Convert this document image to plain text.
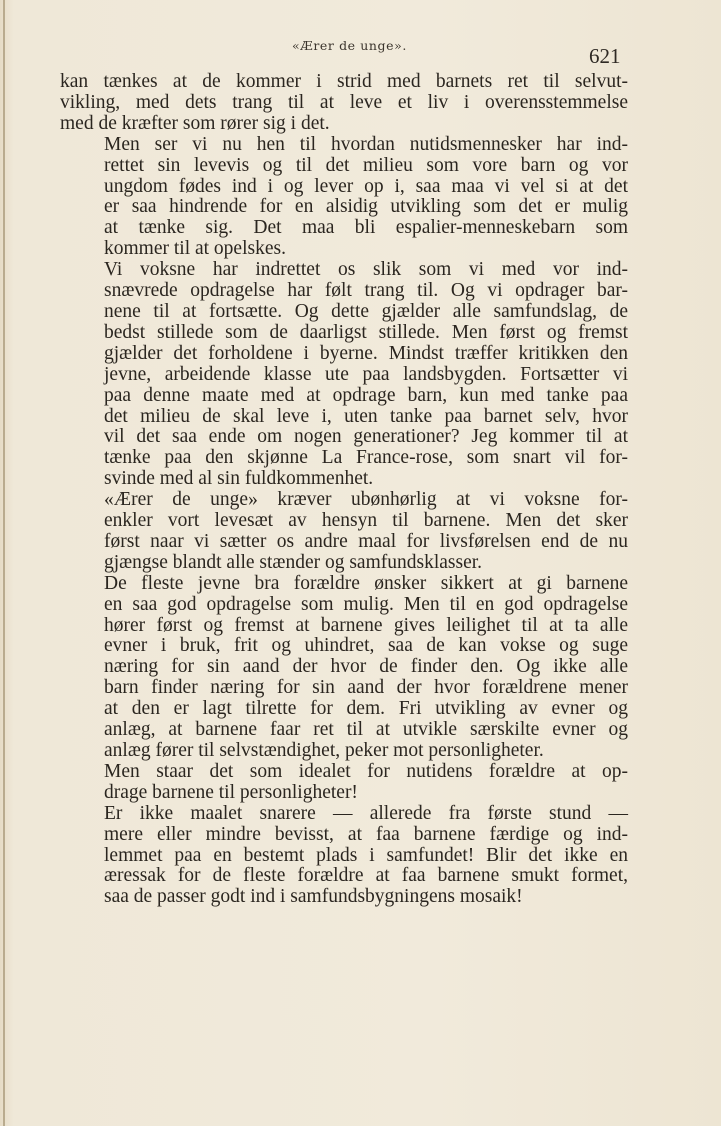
«Ærer de unge».	621

kan tænkes at de kommer i strid med barnets ret til selvut-
vikling, med dets trang til at leve et liv i overensstemmelse
med de kræfter som rører sig i det.

Men ser vi nu hen til hvordan nutidsmennesker har ind-
rettet sin levevis og til det milieu som vore barn og vor
ungdom fødes ind i og lever op i, saa maa vi vel si at det
er saa hindrende for en alsidig utvikling som det er mulig
at tænke sig. Det maa bli espalier-menneskebarn som
kommer til at opelskes.

Vi voksne har indrettet os slik som vi med vor ind-
snævrede opdragelse har følt trang til. Og vi opdrager bar-
nene til at fortsætte. Og dette gjælder alle samfundslag, de
bedst stillede som de daarligst stillede. Men først og fremst
gjælder det forholdene i byerne. Mindst træffer kritikken den
jevne, arbeidende klasse ute paa landsbygden. Fortsætter vi
paa denne maate med at opdrage barn, kun med tanke paa
det milieu de skal leve i, uten tanke paa barnet selv, hvor
vil det saa ende om nogen generationer? Jeg kommer til at
tænke paa den skjønne La France-rose, som snart vil for-
svinde med al sin fuldkommenhet.

«Ærer de unge» kræver ubønhørlig at vi voksne for-
enkler vort levesæt av hensyn til barnene. Men det sker
først naar vi sætter os andre maal for livsførelsen end de nu
gjængse blandt alle stænder og samfundsklasser.

De fleste jevne bra forældre ønsker sikkert at gi barnene
en saa god opdragelse som mulig. Men til en god opdragelse
hører først og fremst at barnene gives leilighet til at ta alle
evner i bruk, frit og uhindret, saa de kan vokse og suge
næring for sin aand der hvor de finder den. Og ikke alle
barn finder næring for sin aand der hvor forældrene mener
at den er lagt tilrette for dem. Fri utvikling av evner og
anlæg, at barnene faar ret til at utvikle særskilte evner og
anlæg fører til selvstændighet, peker mot personligheter.

Men staar det som idealet for nutidens forældre at op-
drage barnene til personligheter!

Er ikke maalet snarere — allerede fra første stund —
mere eller mindre bevisst, at faa barnene færdige og ind-
lemmet paa en bestemt plads i samfundet! Blir det ikke en
æressak for de fleste forældre at faa barnene smukt formet,
saa de passer godt ind i samfundsbygningens mosaik!
